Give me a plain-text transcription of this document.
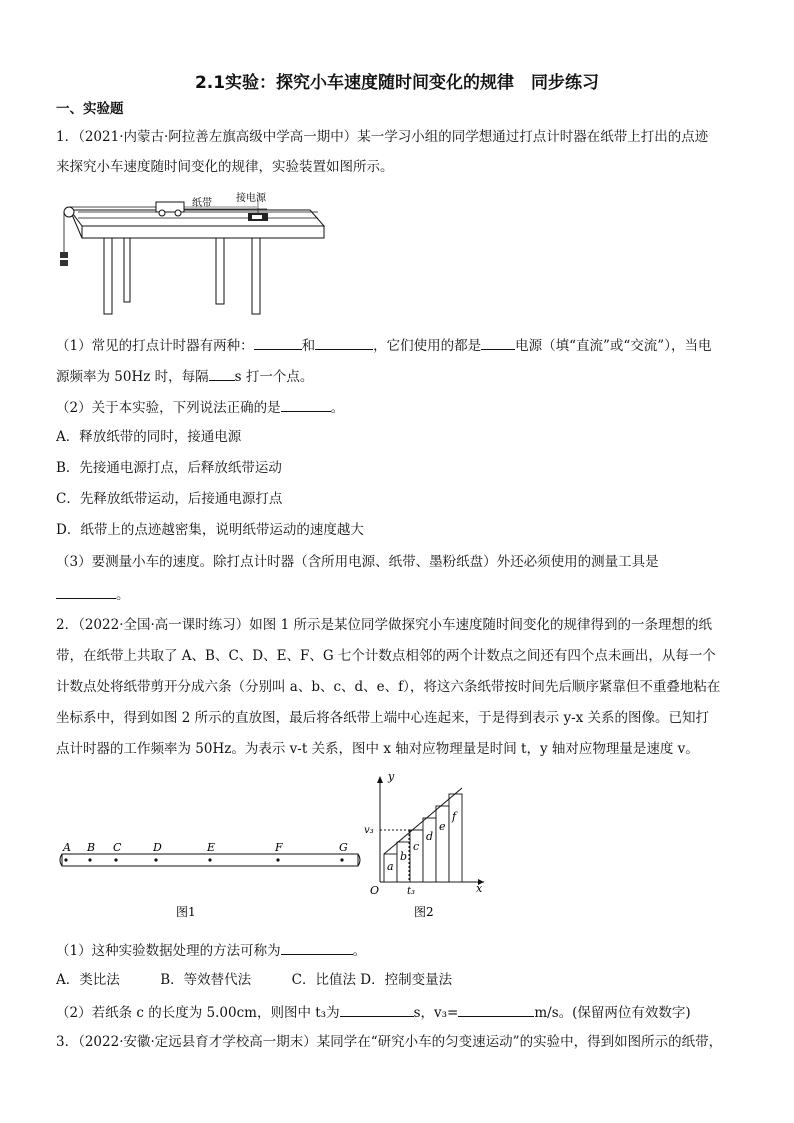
2.1实验：探究小车速度随时间变化的规律　同步练习
一、实验题
1．（2021·内蒙古·阿拉善左旗高级中学高一期中）某一学习小组的同学想通过打点计时器在纸带上打出的点迹
来探究小车速度随时间变化的规律，实验装置如图所示。
纸带 接电源
（1）常见的打点计时器有两种：	和	，它们使用的都是	电源（填“直流”或“交流”），当电
源频率为 50Hz 时，每隔 s 打一个点。
（2）关于本实验，下列说法正确的是	。
A．释放纸带的同时，接通电源
B．先接通电源打点，后释放纸带运动
C．先释放纸带运动，后接通电源打点
D．纸带上的点迹越密集，说明纸带运动的速度越大
（3）要测量小车的速度。除打点计时器（含所用电源、纸带、墨粉纸盘）外还必须使用的测量工具是
。
2．（2022·全国·高一课时练习）如图 1 所示是某位同学做探究小车速度随时间变化的规律得到的一条理想的纸
带，在纸带上共取了 A、B、C、D、E、F、G 七个计数点相邻的两个计数点之间还有四个点未画出，从每一个
计数点处将纸带剪开分成六条（分别叫 a、b、c、d、e、f），将这六条纸带按时间先后顺序紧靠但不重叠地粘在
坐标系中，得到如图 2 所示的直放图，最后将各纸带上端中心连起来，于是得到表示 y-x 关系的图像。已知打
点计时器的工作频率为 50Hz。为表示 v-t 关系，图中 x 轴对应物理量是时间 t，y 轴对应物理量是速度 v。
A B C	D	E	F	G
图1
a
b
c
d
e
f
y
x
O
v₃
t₃
图2
（1）这种实验数据处理的方法可称为	。
A．类比法　　　B．等效替代法　　　C．比值法 D．控制变量法
（2）若纸条 c 的长度为 5.00cm，则图中 t₃为	s，v₃=	m/s。(保留两位有效数字)
3．（2022·安徽·定远县育才学校高一期末）某同学在“研究小车的匀变速运动”的实验中，得到如图所示的纸带，
